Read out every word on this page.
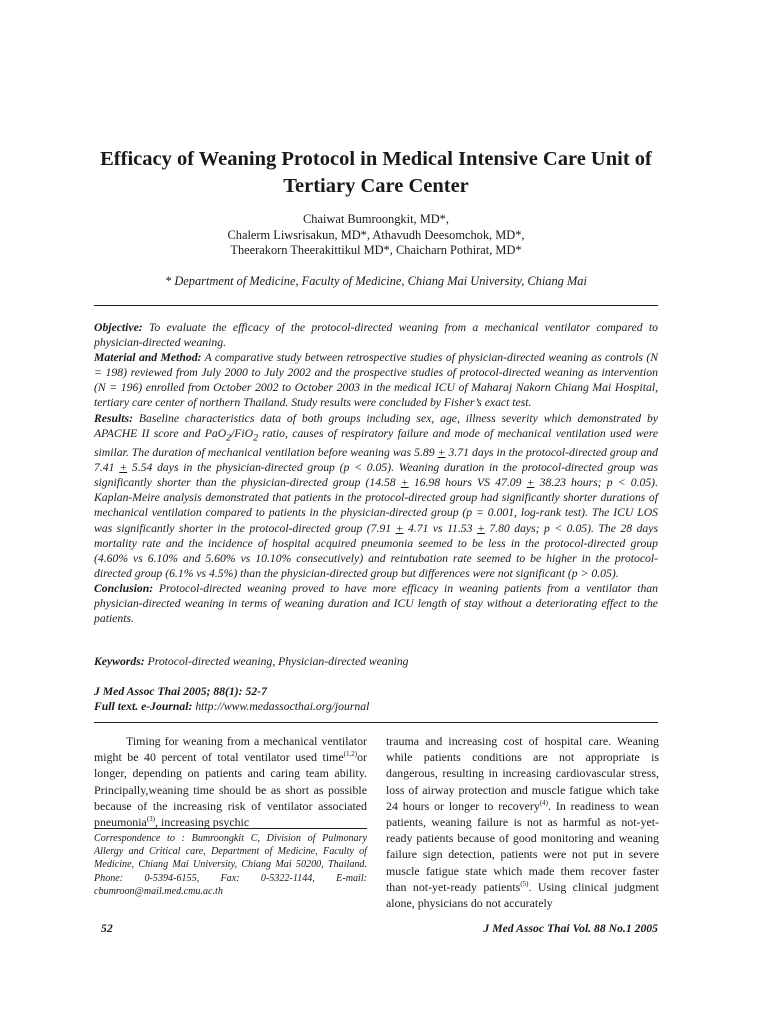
Efficacy of Weaning Protocol in Medical Intensive Care Unit of Tertiary Care Center
Chaiwat Bumroongkit, MD*,
Chalerm Liwsrisakun, MD*, Athavudh Deesomchok, MD*,
Theerakorn Theerakittikul MD*, Chaicharn Pothirat, MD*
* Department of Medicine, Faculty of Medicine, Chiang Mai University, Chiang Mai

Objective: To evaluate the efficacy of the protocol-directed weaning from a mechanical ventilator compared to physician-directed weaning.

Material and Method: A comparative study between retrospective studies of physician-directed weaning as controls (N = 198) reviewed from July 2000 to July 2002 and the prospective studies of protocol-directed weaning as intervention (N = 196) enrolled from October 2002 to October 2003 in the medical ICU of Maharaj Nakorn Chiang Mai Hospital, tertiary care center of northern Thailand. Study results were concluded by Fisher’s exact test.

Results: Baseline characteristics data of both groups including sex, age, illness severity which demonstrated by APACHE II score and PaO$_2$/FiO$_2$ ratio, causes of respiratory failure and mode of mechanical ventilation used were similar. The duration of mechanical ventilation before weaning was 5.89 + 3.71 days in the protocol-directed group and 7.41 + 5.54 days in the physician-directed group (p < 0.05). Weaning duration in the protocol-directed group was significantly shorter than the physician-directed group (14.58 + 16.98 hours VS 47.09 + 38.23 hours; p < 0.05). Kaplan-Meire analysis demonstrated that patients in the protocol-directed group had significantly shorter durations of mechanical ventilation compared to patients in the physician-directed group (p = 0.001, log-rank test). The ICU LOS was significantly shorter in the protocol-directed group (7.91 + 4.71 vs 11.53 + 7.80 days; p < 0.05). The 28 days mortality rate and the incidence of hospital acquired pneumonia seemed to be less in the protocol-directed group (4.60% vs 6.10% and 5.60% vs 10.10% consecutively) and reintubation rate seemed to be higher in the protocol-directed group (6.1% vs 4.5%) than the physician-directed group but differences were not significant (p > 0.05).

Conclusion: Protocol-directed weaning proved to have more efficacy in weaning patients from a ventilator than physician-directed weaning in terms of weaning duration and ICU length of stay without a deteriorating effect to the patients.

Keywords: Protocol-directed weaning, Physician-directed weaning
J Med Assoc Thai 2005; 88(1): 52-7
Full text. e-Journal: http://www.medassocthai.org/journal

Timing for weaning from a mechanical ventilator might be 40 percent of total ventilator used time$^{(1,2)}$or longer, depending on patients and caring team ability. Principally,weaning time should be as short as possible because of the increasing risk of ventilator associated pneumonia$^{(3)}$, increasing psychic

Correspondence to : Bumroongkit C, Division of Pulmonary Allergy and Critical care, Department of Medicine, Faculty of Medicine, Chiang Mai University, Chiang Mai 50200, Thailand. Phone: 0-5394-6155, Fax: 0-5322-1144, E-mail: cbumroon@mail.med.cmu.ac.th

trauma and increasing cost of hospital care. Weaning while patients conditions are not appropriate is dangerous, resulting in increasing cardiovascular stress, loss of airway protection and muscle fatigue which take 24 hours or longer to recovery$^{(4)}$. In readiness to wean patients, weaning failure is not as harmful as not-yet-ready patients because of good monitoring and weaning failure sign detection, patients were not put in severe muscle fatigue state which made them recover faster than not-yet-ready patients$^{(5)}$. Using clinical judgment alone, physicians do not accurately

52	J Med Assoc Thai Vol. 88 No.1 2005
